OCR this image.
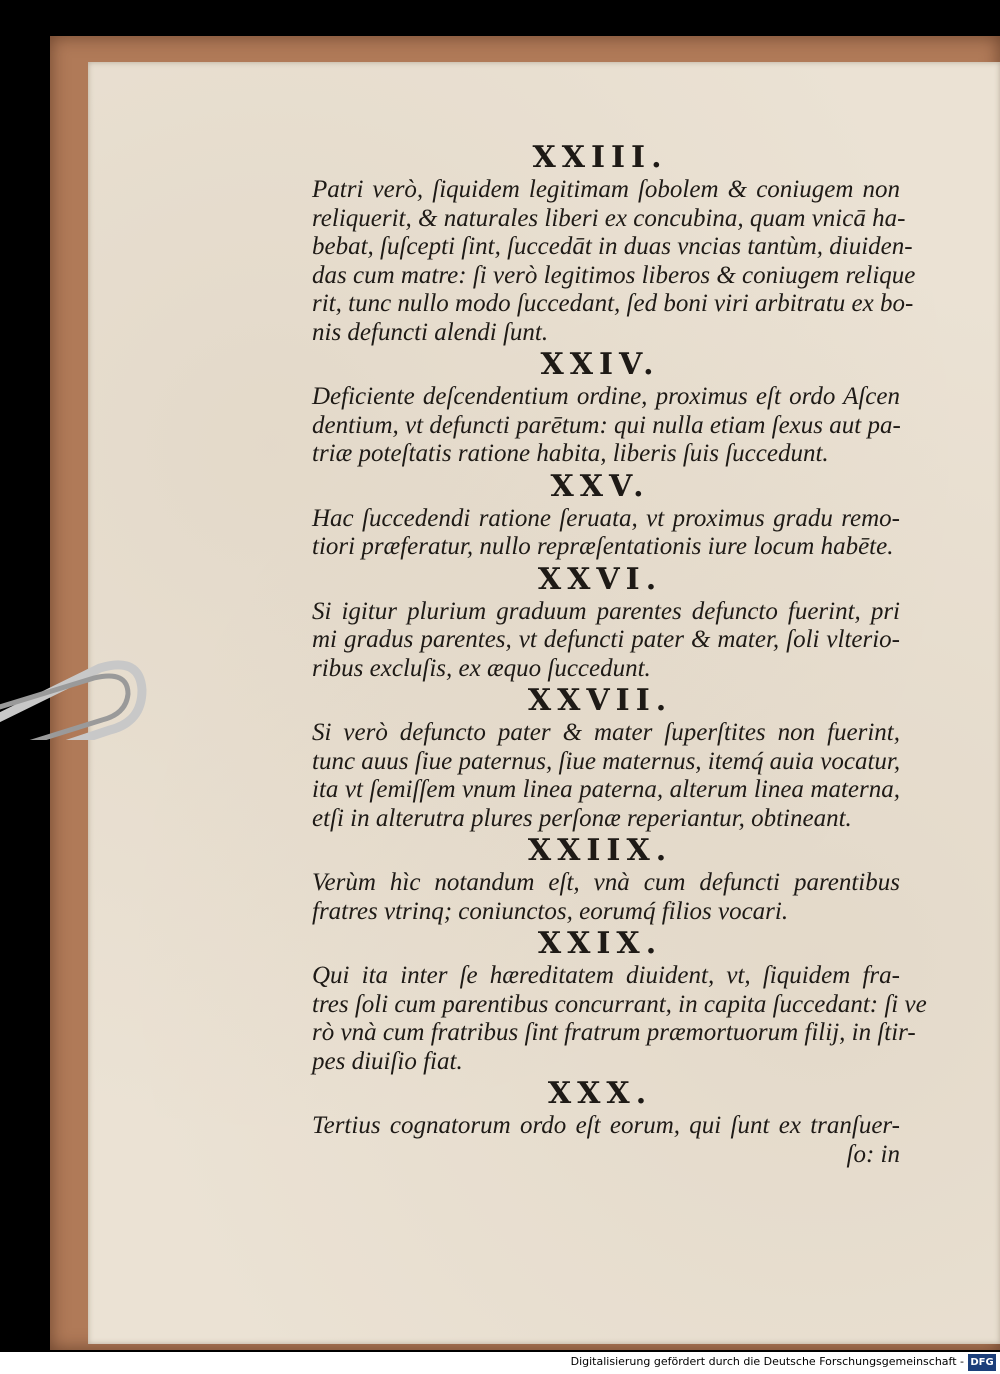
XXIII.

Patri verò, ſiquidem legitimam ſobolem & coniugem non
reliquerit, & naturales liberi ex concubina, quam vnicā ha-
bebat, ſuſcepti ſint, ſuccedāt in duas vncias tantùm, diuiden-
das cum matre: ſi verò legitimos liberos & coniugem relique
rit, tunc nullo modo ſuccedant, ſed boni viri arbitratu ex bo-
nis defuncti alendi ſunt.

XXIV.

Deficiente deſcendentium ordine, proximus eſt ordo Aſcen
dentium, vt defuncti parētum: qui nulla etiam ſexus aut pa-
triæ poteſtatis ratione habita, liberis ſuis ſuccedunt.

XXV.

Hac ſuccedendi ratione ſeruata, vt proximus gradu remo-
tiori præferatur, nullo repræſentationis iure locum habēte.

XXVI.

Si igitur plurium graduum parentes defuncto fuerint, pri
mi gradus parentes, vt defuncti pater & mater, ſoli vlterio-
ribus excluſis, ex æquo ſuccedunt.

XXVII.

Si verò defuncto pater & mater ſuperſtites non fuerint,
tunc auus ſiue paternus, ſiue maternus, itemq́ auia vocatur,
ita vt ſemiſſem vnum linea paterna, alterum linea materna,
etſi in alterutra plures perſonæ reperiantur, obtineant.

XXIIX.

Verùm hìc notandum eſt, vnà cum defuncti parentibus
fratres vtrinq; coniunctos, eorumq́ filios vocari.

XXIX.

Qui ita inter ſe hæreditatem diuident, vt, ſiquidem fra-
tres ſoli cum parentibus concurrant, in capita ſuccedant: ſi ve
rò vnà cum fratribus ſint fratrum præmortuorum filij, in ſtir-
pes diuiſio fiat.

XXX.

Tertius cognatorum ordo eſt eorum, qui ſunt ex tranſuer-
ſo: in

Digitalisierung gefördert durch die Deutsche Forschungsgemeinschaft - DFG
